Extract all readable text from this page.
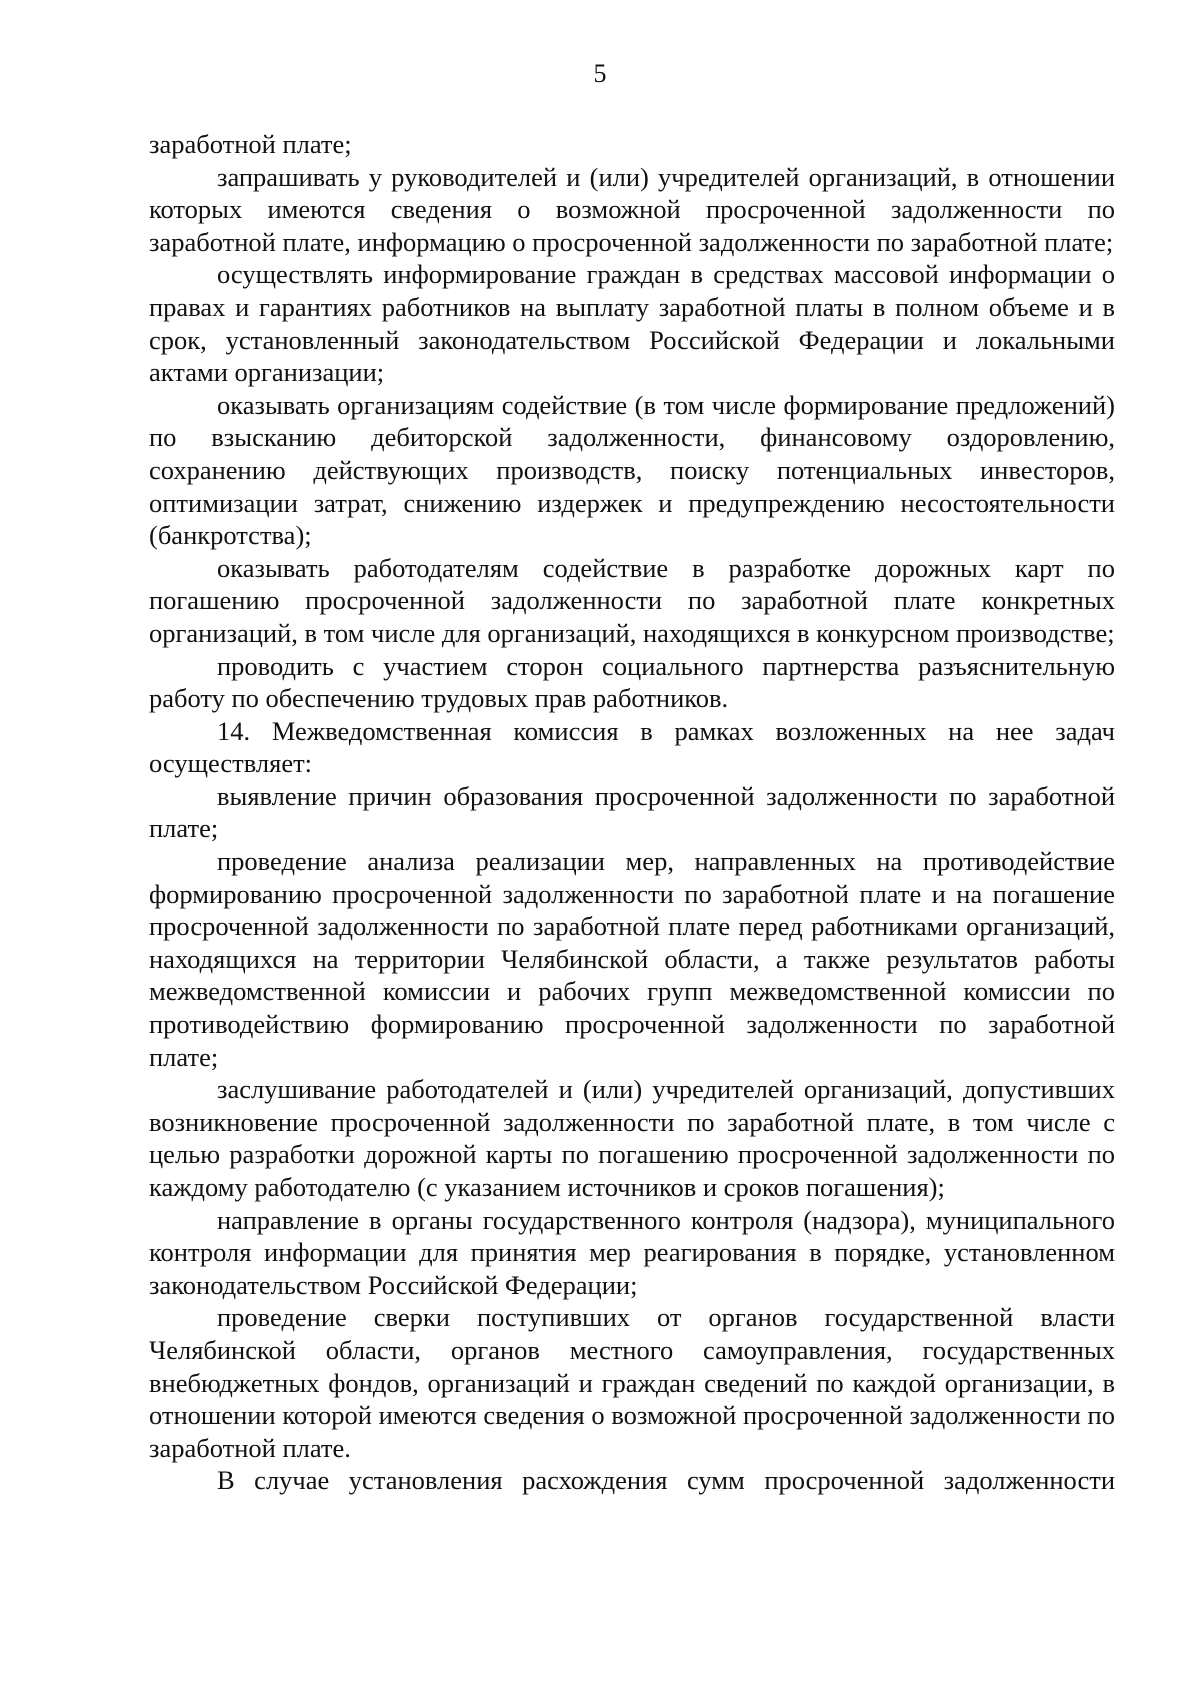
5

заработной плате;

запрашивать у руководителей и (или) учредителей организаций, в отношении которых имеются сведения о возможной просроченной задолженности по заработной плате, информацию о просроченной задолженности по заработной плате;

осуществлять информирование граждан в средствах массовой информации о правах и гарантиях работников на выплату заработной платы в полном объеме и в срок, установленный законодательством Российской Федерации и локальными актами организации;

оказывать организациям содействие (в том числе формирование предложений) по взысканию дебиторской задолженности, финансовому оздоровлению, сохранению действующих производств, поиску потенциальных инвесторов, оптимизации затрат, снижению издержек и предупреждению несостоятельности (банкротства);

оказывать работодателям содействие в разработке дорожных карт по погашению просроченной задолженности по заработной плате конкретных организаций, в том числе для организаций, находящихся в конкурсном производстве;

проводить с участием сторон социального партнерства разъяснительную работу по обеспечению трудовых прав работников.

14. Межведомственная комиссия в рамках возложенных на нее задач осуществляет:

выявление причин образования просроченной задолженности по заработной плате;

проведение анализа реализации мер, направленных на противодействие формированию просроченной задолженности по заработной плате и на погашение просроченной задолженности по заработной плате перед работниками организаций, находящихся на территории Челябинской области, а также результатов работы межведомственной комиссии и рабочих групп межведомственной комиссии по противодействию формированию просроченной задолженности по заработной плате;

заслушивание работодателей и (или) учредителей организаций, допустивших возникновение просроченной задолженности по заработной плате, в том числе с целью разработки дорожной карты по погашению просроченной задолженности по каждому работодателю (с указанием источников и сроков погашения);

направление в органы государственного контроля (надзора), муниципального контроля информации для принятия мер реагирования в порядке, установленном законодательством Российской Федерации;

проведение сверки поступивших от органов государственной власти Челябинской области, органов местного самоуправления, государственных внебюджетных фондов, организаций и граждан сведений по каждой организации, в отношении которой имеются сведения о возможной просроченной задолженности по заработной плате.

В случае установления расхождения сумм просроченной задолженности
